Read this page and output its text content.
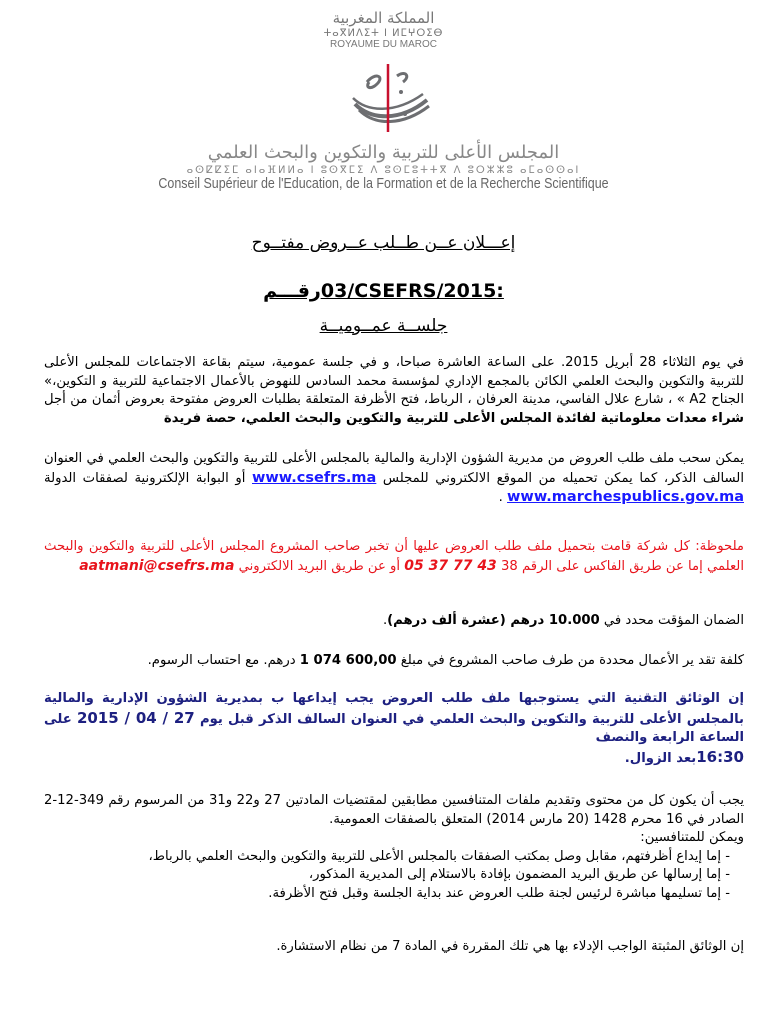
المملكة المغربية
ⵜⴰⴳⵍⴷⵉⵜ ⵏ ⵍⵎⵖⵔⵉⴱ
ROYAUME DU MAROC
المجلس الأعلى للتربية والتكوين والبحث العلمي
ⴰⵙⵇⵇⵉⵎ ⴰⵏⴰⴼⵍⵍⴰ ⵏ ⵓⵙⴳⵎⵉ ⴷ ⵓⵙⵎⵓⵜⵜⴳ ⴷ ⵓⵔⵣⵣⵓ ⴰⵎⴰⵙⵙⴰⵏ
Conseil Supérieur de l'Education, de la Formation et de la Recherche Scientifique
إعـــلان عــن طــلب عــروض مفتــوح
03/CSEFRS/2015رقـــم:
جلســة عمــوميــة
في يوم الثلاثاء 28 أبريل 2015. على الساعة العاشرة صباحا، و في جلسة عمومية، سيتم بقاعة الاجتماعات للمجلس الأعلى للتربية والتكوين والبحث العلمي الكائن بالمجمع الإداري لمؤسسة محمد السادس للنهوض بالأعمال الاجتماعية للتربية و التكوين،» الجناح A2 » ، شارع علال الفاسي، مدينة العرفان ، الرباط، فتح الأظرفة المتعلقة بطلبات العروض مفتوحة بعروض أثمان من أجل شراء معدات معلوماتية لفائدة المجلس الأعلى للتربية والتكوين والبحث العلمي، حصة فريدة
يمكن سحب ملف طلب العروض من مديرية الشؤون الإدارية والمالية بالمجلس الأعلى للتربية والتكوين والبحث العلمي في العنوان السالف الذكر، كما يمكن تحميله من الموقع الالكتروني للمجلس www.csefrs.ma أو البوابة الإلكترونية لصفقات الدولة www.marchespublics.gov.ma .
ملحوظة: كل شركة قامت بتحميل ملف طلب العروض عليها أن تخبر صاحب المشروع المجلس الأعلى للتربية والتكوين والبحث العلمي إما عن طريق الفاكس على الرقم 38 05 37 77 43 أو عن طريق البريد الالكتروني aatmani@csefrs.ma
الضمان المؤقت محدد في 10.000 درهم (عشرة ألف درهم).
كلفة تقد ير الأعمال محددة من طرف صاحب المشروع في مبلغ 1 074 600,00 درهم. مع احتساب الرسوم.
إن الوثائق التقنية التي يستوجبها ملف طلب العروض يجب إيداعها ب بمديرية الشؤون الإدارية والمالية بالمجلس الأعلى للتربية والتكوين والبحث العلمي في العنوان السالف الذكر قبل يوم 2015 / 04 / 27 على الساعة الرابعة والنصف
16:30بعد الزوال.
يجب أن يكون كل من محتوى وتقديم ملفات المتنافسين مطابقين لمقتضيات المادتين 27 و22 و31 من المرسوم رقم 349-12-2 الصادر في 16 محرم 1428 (20 مارس 2014) المتعلق بالصفقات العمومية.
ويمكن للمتنافسين:
- إما إيداع أظرفتهم، مقابل وصل بمكتب الصفقات بالمجلس الأعلى للتربية والتكوين والبحث العلمي بالرباط،
- إما إرسالها عن طريق البريد المضمون بإفادة بالاستلام إلى المديرية المذكور،
- إما تسليمها مباشرة لرئيس لجنة طلب العروض عند بداية الجلسة وقبل فتح الأظرفة.
إن الوثائق المثبتة الواجب الإدلاء بها هي تلك المقررة في المادة 7 من نظام الاستشارة.
